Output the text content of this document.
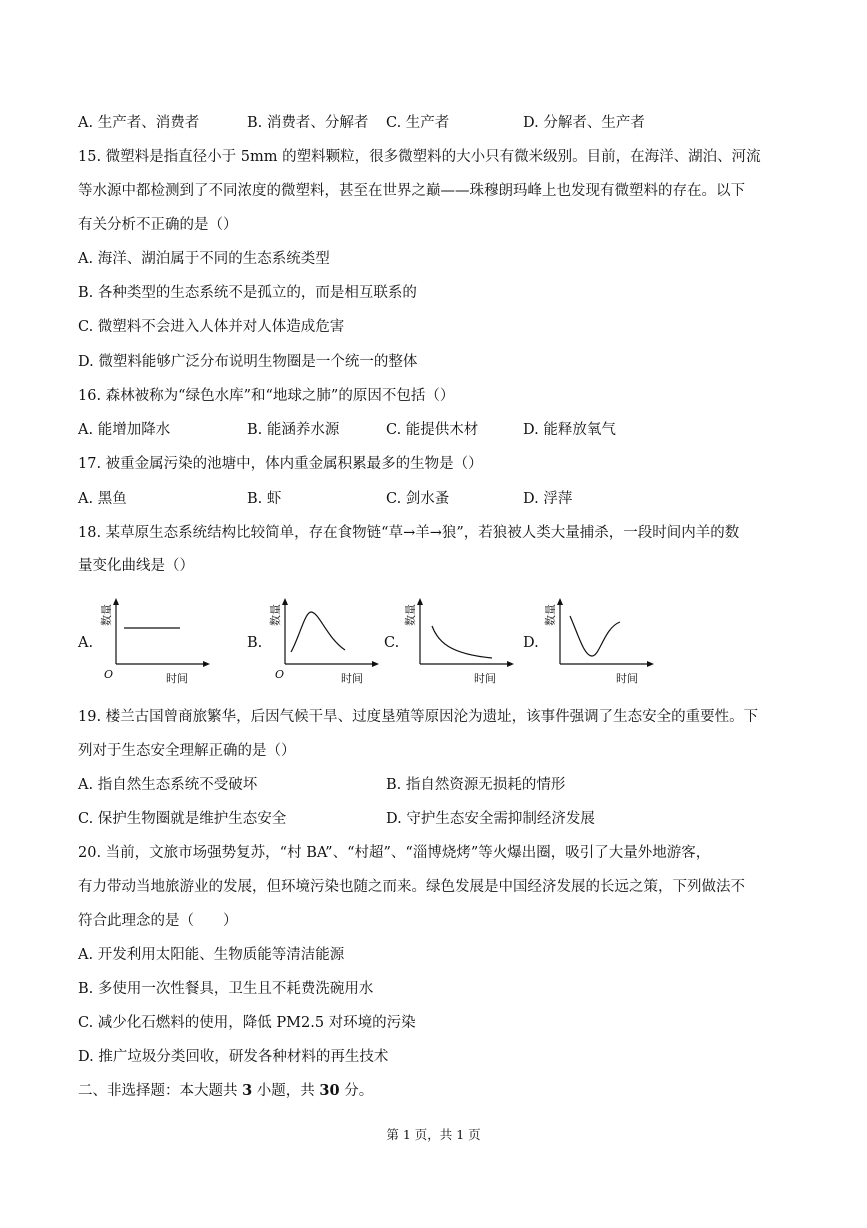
A. 生产者、消费者	B. 消费者、分解者 C. 生产者	D. 分解者、生产者
15. 微塑料是指直径小于 5mm 的塑料颗粒，很多微塑料的大小只有微米级别。目前，在海洋、湖泊、河流
等水源中都检测到了不同浓度的微塑料，甚至在世界之巅——珠穆朗玛峰上也发现有微塑料的存在。以下
有关分析不正确的是（）
A. 海洋、湖泊属于不同的生态系统类型
B. 各种类型的生态系统不是孤立的，而是相互联系的
C. 微塑料不会进入人体并对人体造成危害
D. 微塑料能够广泛分布说明生物圈是一个统一的整体
16. 森林被称为“绿色水库”和“地球之肺”的原因不包括（）
A. 能增加降水	B. 能涵养水源	C. 能提供木材	D. 能释放氧气
17. 被重金属污染的池塘中，体内重金属积累最多的生物是（）
A. 黑鱼	B. 虾	C. 剑水蚤	D. 浮萍
18. 某草原生态系统结构比较简单，存在食物链“草→羊→狼”，若狼被人类大量捕杀，一段时间内羊的数
量变化曲线是（）
A.
数量
O	时间
B.
数量
O	时间
C.
数量
时间
D.
数量
时间
19. 楼兰古国曾商旅繁华，后因气候干旱、过度垦殖等原因沦为遗址，该事件强调了生态安全的重要性。下
列对于生态安全理解正确的是（）
A. 指自然生态系统不受破坏	B. 指自然资源无损耗的情形
C. 保护生物圈就是维护生态安全	D. 守护生态安全需抑制经济发展
20. 当前，文旅市场强势复苏，“村 BA”、“村超”、“淄博烧烤”等火爆出圈，吸引了大量外地游客，
有力带动当地旅游业的发展，但环境污染也随之而来。绿色发展是中国经济发展的长远之策，下列做法不
符合此理念的是（　　）
A. 开发利用太阳能、生物质能等清洁能源
B. 多使用一次性餐具，卫生且不耗费洗碗用水
C. 减少化石燃料的使用，降低 PM2.5 对环境的污染
D. 推广垃圾分类回收，研发各种材料的再生技术
二、非选择题：本大题共 3 小题，共 30 分。
第 1 页，共 1 页
